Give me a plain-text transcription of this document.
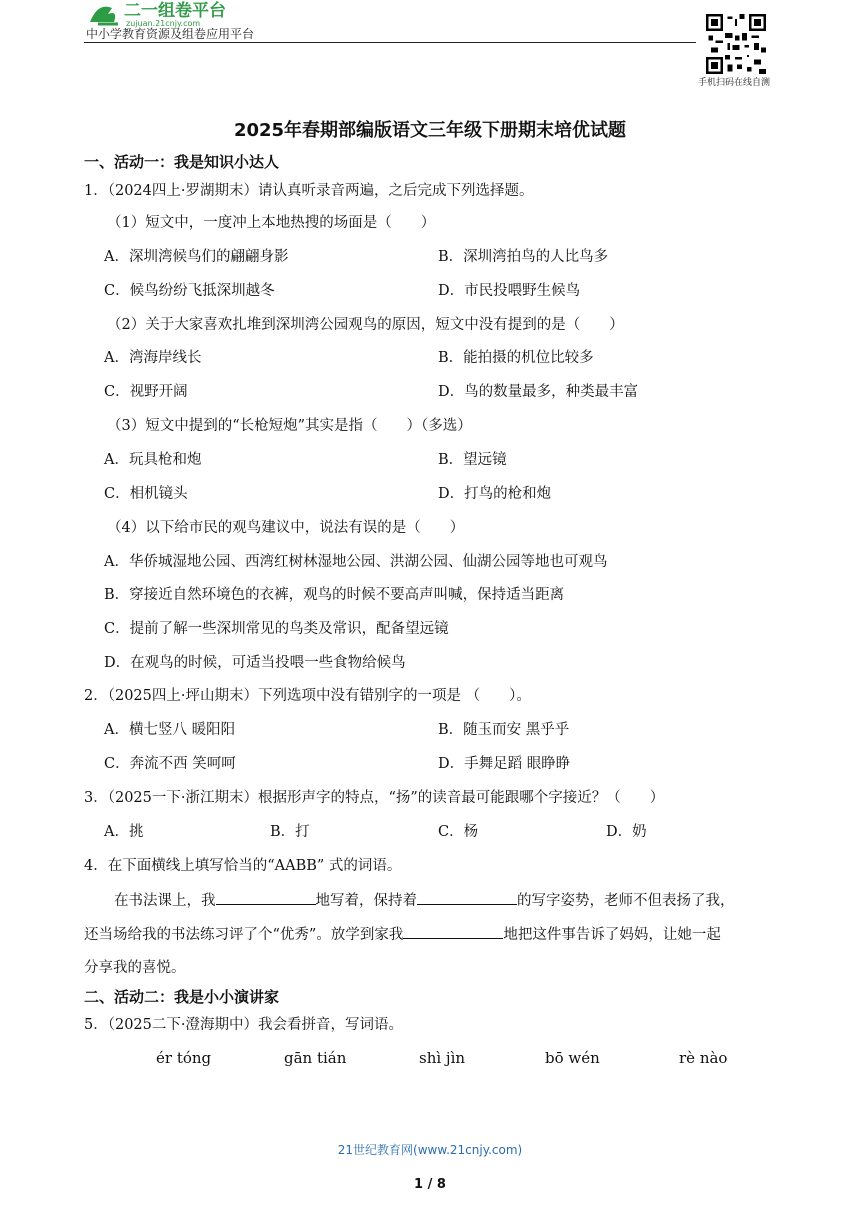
二一组卷平台
zujuan.21cnjy.com
中小学教育资源及组卷应用平台
手机扫码在线自测
2025年春期部编版语文三年级下册期末培优试题
一、活动一：我是知识小达人
1．（2024四上·罗湖期末）请认真听录音两遍，之后完成下列选择题。
（1）短文中，一度冲上本地热搜的场面是（　　）
A．深圳湾候鸟们的翩翩身影	B．深圳湾拍鸟的人比鸟多
C．候鸟纷纷飞抵深圳越冬	D．市民投喂野生候鸟
（2）关于大家喜欢扎堆到深圳湾公园观鸟的原因，短文中没有提到的是（　　）
A．湾海岸线长	B．能拍摄的机位比较多
C．视野开阔	D．鸟的数量最多，种类最丰富
（3）短文中提到的“长枪短炮”其实是指（　　）（多选）
A．玩具枪和炮	B．望远镜
C．相机镜头	D．打鸟的枪和炮
（4）以下给市民的观鸟建议中，说法有误的是（　　）
A．华侨城湿地公园、西湾红树林湿地公园、洪湖公园、仙湖公园等地也可观鸟
B．穿接近自然环境色的衣裤，观鸟的时候不要高声叫喊，保持适当距离
C．提前了解一些深圳常见的鸟类及常识，配备望远镜
D．在观鸟的时候，可适当投喂一些食物给候鸟
2．（2025四上·坪山期末）下列选项中没有错别字的一项是 （　　）。
A．横七竖八 暖阳阳	B．随玉而安 黑乎乎
C．奔流不西 笑呵呵	D．手舞足蹈 眼睁睁
3．（2025一下·浙江期末）根据形声字的特点，“扬”的读音最可能跟哪个字接近？（　　）
A．挑	B．打	C．杨	D．奶
4．在下面横线上填写恰当的“AABB” 式的词语。
在书法课上，我	地写着，保持着	的写字姿势，老师不但表扬了我，
还当场给我的书法练习评了个“优秀”。放学到家我	地把这件事告诉了妈妈，让她一起
分享我的喜悦。
二、活动二：我是小小演讲家
5．（2025二下·澄海期中）我会看拼音，写词语。
ér tóng	gān tián	shì jìn	bō wén	rè nào
21世纪教育网(www.21cnjy.com)
1 / 8
